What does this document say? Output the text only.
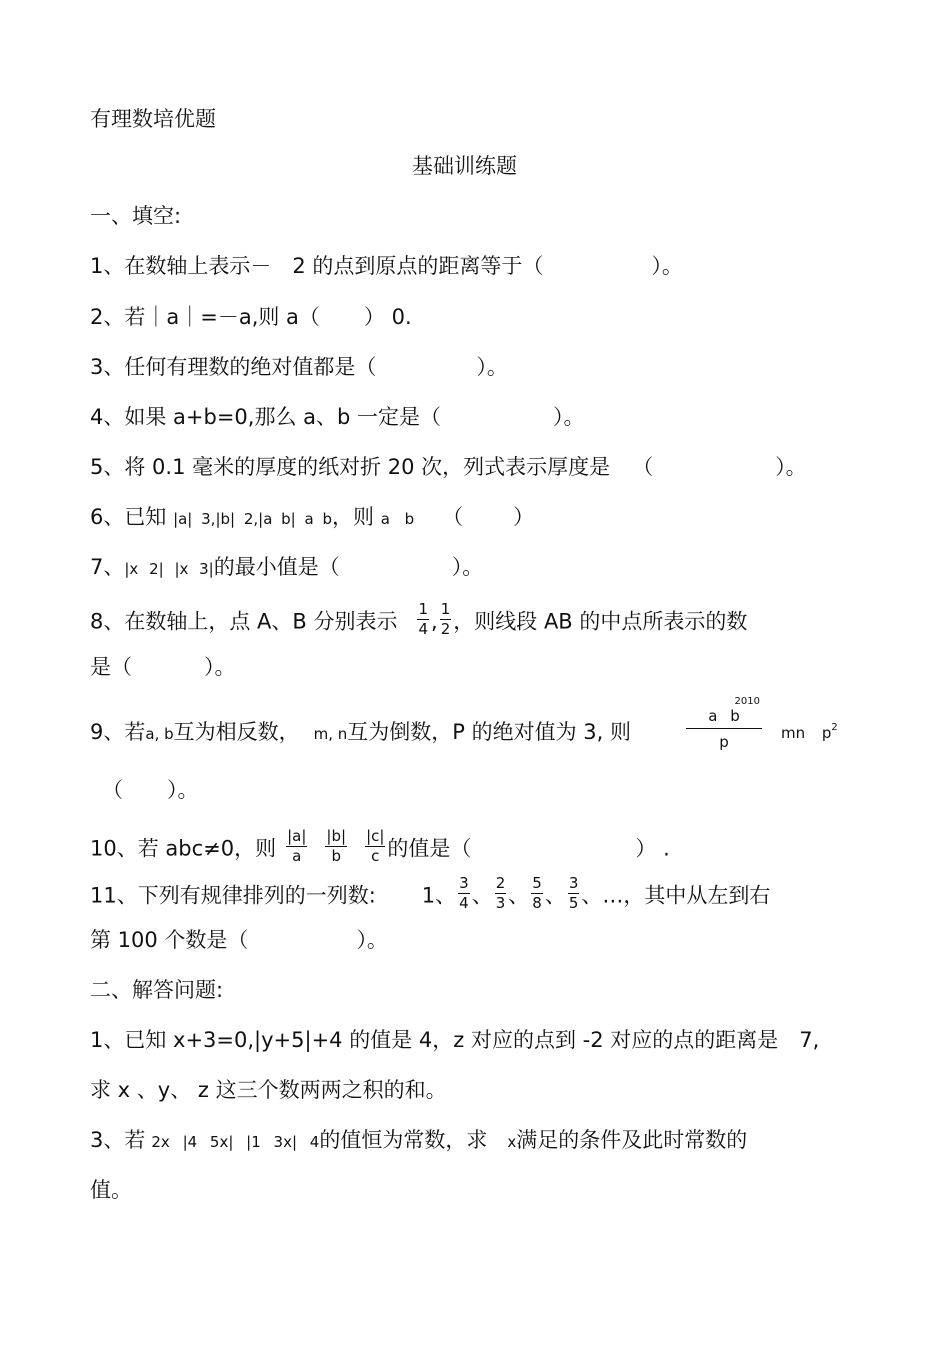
有理数培优题
基础训练题
一、填空:
1、在数轴上表示－　2 的点到原点的距离等于（	）。
2、若｜a｜=－a,则 a（ ） 0.
3、任何有理数的绝对值都是（	）。
4、如果 a+b=0,那么 a、b 一定是（	）。
5、将 0.1 毫米的厚度的纸对折 20 次，列式表示厚度是 （	）。
6、已知 |a| 3,|b| 2,|a b| a b，则 a b （ ）
7、|x 2| |x 3|的最小值是（	）。
8、在数轴上，点 A、B 分别表示 $\frac{1}{4}$ , $\frac{1}{2}$ ，则线段 AB 的中点所表示的数
是（	）。
9、若a, b互为相反数， m, n互为倒数，P 的绝对值为 3, 则	a b
2010
p mn $p^2$
（ ）。
10、若 abc≠0，则 $\frac{|a|}{a} \frac{|b|}{b} \frac{|c|}{c}$ 的值是（	） .
11、下列有规律排列的一列数: 1、 $\frac{3}{4}$ 、 $\frac{2}{3}$ 、 $\frac{5}{8}$ 、 $\frac{3}{5}$ 、…，其中从左到右
第 100 个数是（	）。
二、解答问题:
1、已知 x+3=0,|y+5|+4 的值是 4，z 对应的点到 -2 对应的点的距离是　7,
求 x 、y、 z 这三个数两两之积的和。
3、若 2x |4 5x| |1 3x| 4的值恒为常数，求 x满足的条件及此时常数的
值。
